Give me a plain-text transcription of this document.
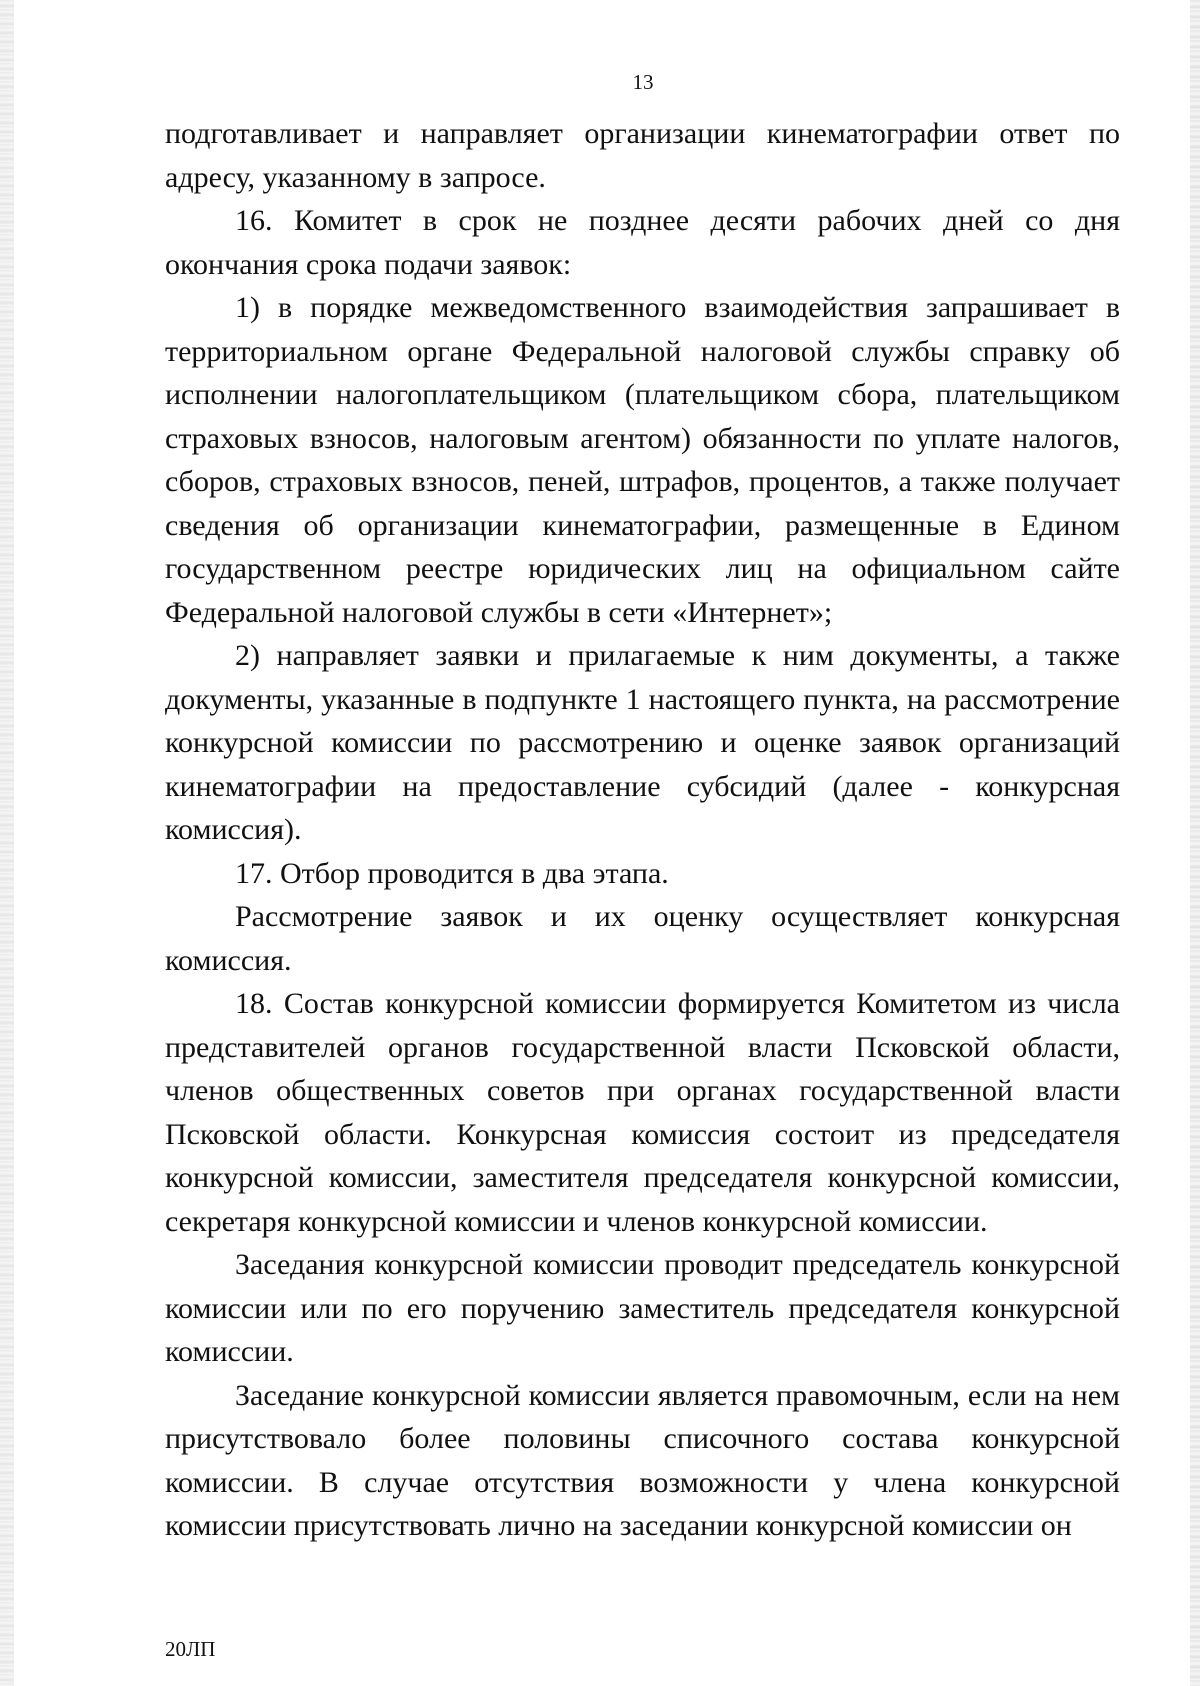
13

подготавливает и направляет организации кинематографии ответ по адресу, указанному в запросе.

16. Комитет в срок не позднее десяти рабочих дней со дня окончания срока подачи заявок:

1) в порядке межведомственного взаимодействия запрашивает в территориальном органе Федеральной налоговой службы справку об исполнении налогоплательщиком (плательщиком сбора, плательщиком страховых взносов, налоговым агентом) обязанности по уплате налогов, сборов, страховых взносов, пеней, штрафов, процентов, а также получает сведения об организации кинематографии, размещенные в Едином государственном реестре юридических лиц на официальном сайте Федеральной налоговой службы в сети «Интернет»;

2) направляет заявки и прилагаемые к ним документы, а также документы, указанные в подпункте 1 настоящего пункта, на рассмотрение конкурсной комиссии по рассмотрению и оценке заявок организаций кинематографии на предоставление субсидий (далее - конкурсная комиссия).

17. Отбор проводится в два этапа.

Рассмотрение заявок и их оценку осуществляет конкурсная комиссия.

18. Состав конкурсной комиссии формируется Комитетом из числа представителей органов государственной власти Псковской области, членов общественных советов при органах государственной власти Псковской области. Конкурсная комиссия состоит из председателя конкурсной комиссии, заместителя председателя конкурсной комиссии, секретаря конкурсной комиссии и членов конкурсной комиссии.

Заседания конкурсной комиссии проводит председатель конкурсной комиссии или по его поручению заместитель председателя конкурсной комиссии.

Заседание конкурсной комиссии является правомочным, если на нем присутствовало более половины списочного состава конкурсной комиссии. В случае отсутствия возможности у члена конкурсной комиссии присутствовать лично на заседании конкурсной комиссии он

20ЛП
